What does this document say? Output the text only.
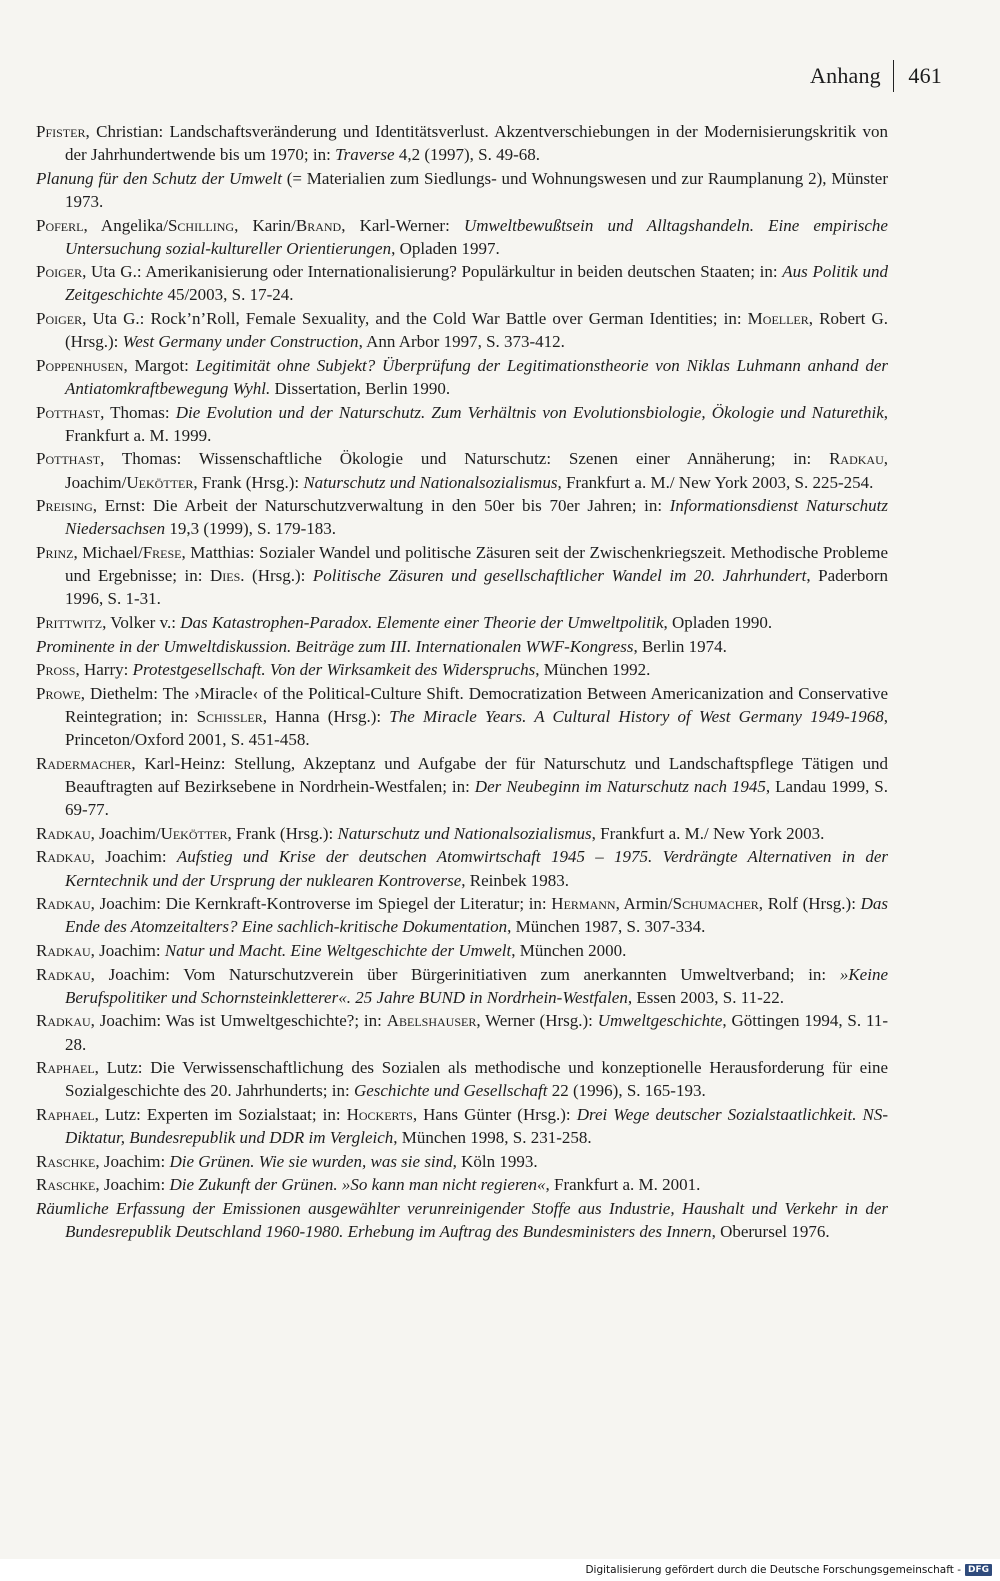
Anhang	461

Pfister, Christian: Landschaftsveränderung und Identitätsverlust. Akzentverschiebungen in der Modernisierungskritik von der Jahrhundertwende bis um 1970; in: Traverse 4,2 (1997), S. 49-68.

Planung für den Schutz der Umwelt (= Materialien zum Siedlungs- und Wohnungswesen und zur Raumplanung 2), Münster 1973.

Poferl, Angelika/Schilling, Karin/Brand, Karl-Werner: Umweltbewußtsein und Alltagshandeln. Eine empirische Untersuchung sozial-kultureller Orientierungen, Opladen 1997.

Poiger, Uta G.: Amerikanisierung oder Internationalisierung? Populärkultur in beiden deutschen Staaten; in: Aus Politik und Zeitgeschichte 45/2003, S. 17-24.

Poiger, Uta G.: Rock’n’Roll, Female Sexuality, and the Cold War Battle over German Identities; in: Moeller, Robert G. (Hrsg.): West Germany under Construction, Ann Arbor 1997, S. 373-412.

Poppenhusen, Margot: Legitimität ohne Subjekt? Überprüfung der Legitimationstheorie von Niklas Luhmann anhand der Antiatomkraftbewegung Wyhl. Dissertation, Berlin 1990.

Potthast, Thomas: Die Evolution und der Naturschutz. Zum Verhältnis von Evolutionsbiologie, Ökologie und Naturethik, Frankfurt a. M. 1999.

Potthast, Thomas: Wissenschaftliche Ökologie und Naturschutz: Szenen einer Annäherung; in: Radkau, Joachim/Uekötter, Frank (Hrsg.): Naturschutz und Nationalsozialismus, Frankfurt a. M./ New York 2003, S. 225-254.

Preising, Ernst: Die Arbeit der Naturschutzverwaltung in den 50er bis 70er Jahren; in: Informationsdienst Naturschutz Niedersachsen 19,3 (1999), S. 179-183.

Prinz, Michael/Frese, Matthias: Sozialer Wandel und politische Zäsuren seit der Zwischenkriegszeit. Methodische Probleme und Ergebnisse; in: Dies. (Hrsg.): Politische Zäsuren und gesellschaftlicher Wandel im 20. Jahrhundert, Paderborn 1996, S. 1-31.

Prittwitz, Volker v.: Das Katastrophen-Paradox. Elemente einer Theorie der Umweltpolitik, Opladen 1990.

Prominente in der Umweltdiskussion. Beiträge zum III. Internationalen WWF-Kongress, Berlin 1974.

Pross, Harry: Protestgesellschaft. Von der Wirksamkeit des Widerspruchs, München 1992.

Prowe, Diethelm: The ›Miracle‹ of the Political-Culture Shift. Democratization Between Americanization and Conservative Reintegration; in: Schissler, Hanna (Hrsg.): The Miracle Years. A Cultural History of West Germany 1949-1968, Princeton/Oxford 2001, S. 451-458.

Radermacher, Karl-Heinz: Stellung, Akzeptanz und Aufgabe der für Naturschutz und Landschaftspflege Tätigen und Beauftragten auf Bezirksebene in Nordrhein-Westfalen; in: Der Neubeginn im Naturschutz nach 1945, Landau 1999, S. 69-77.

Radkau, Joachim/Uekötter, Frank (Hrsg.): Naturschutz und Nationalsozialismus, Frankfurt a. M./ New York 2003.

Radkau, Joachim: Aufstieg und Krise der deutschen Atomwirtschaft 1945 – 1975. Verdrängte Alternativen in der Kerntechnik und der Ursprung der nuklearen Kontroverse, Reinbek 1983.

Radkau, Joachim: Die Kernkraft-Kontroverse im Spiegel der Literatur; in: Hermann, Armin/Schumacher, Rolf (Hrsg.): Das Ende des Atomzeitalters? Eine sachlich-kritische Dokumentation, München 1987, S. 307-334.

Radkau, Joachim: Natur und Macht. Eine Weltgeschichte der Umwelt, München 2000.

Radkau, Joachim: Vom Naturschutzverein über Bürgerinitiativen zum anerkannten Umweltverband; in: »Keine Berufspolitiker und Schornsteinkletterer«. 25 Jahre BUND in Nordrhein-Westfalen, Essen 2003, S. 11-22.

Radkau, Joachim: Was ist Umweltgeschichte?; in: Abelshauser, Werner (Hrsg.): Umweltgeschichte, Göttingen 1994, S. 11-28.

Raphael, Lutz: Die Verwissenschaftlichung des Sozialen als methodische und konzeptionelle Herausforderung für eine Sozialgeschichte des 20. Jahrhunderts; in: Geschichte und Gesellschaft 22 (1996), S. 165-193.

Raphael, Lutz: Experten im Sozialstaat; in: Hockerts, Hans Günter (Hrsg.): Drei Wege deutscher Sozialstaatlichkeit. NS-Diktatur, Bundesrepublik und DDR im Vergleich, München 1998, S. 231-258.

Raschke, Joachim: Die Grünen. Wie sie wurden, was sie sind, Köln 1993.

Raschke, Joachim: Die Zukunft der Grünen. »So kann man nicht regieren«, Frankfurt a. M. 2001.

Räumliche Erfassung der Emissionen ausgewählter verunreinigender Stoffe aus Industrie, Haushalt und Verkehr in der Bundesrepublik Deutschland 1960-1980. Erhebung im Auftrag des Bundesministers des Innern, Oberursel 1976.

Digitalisierung gefördert durch die Deutsche Forschungsgemeinschaft - DFG
